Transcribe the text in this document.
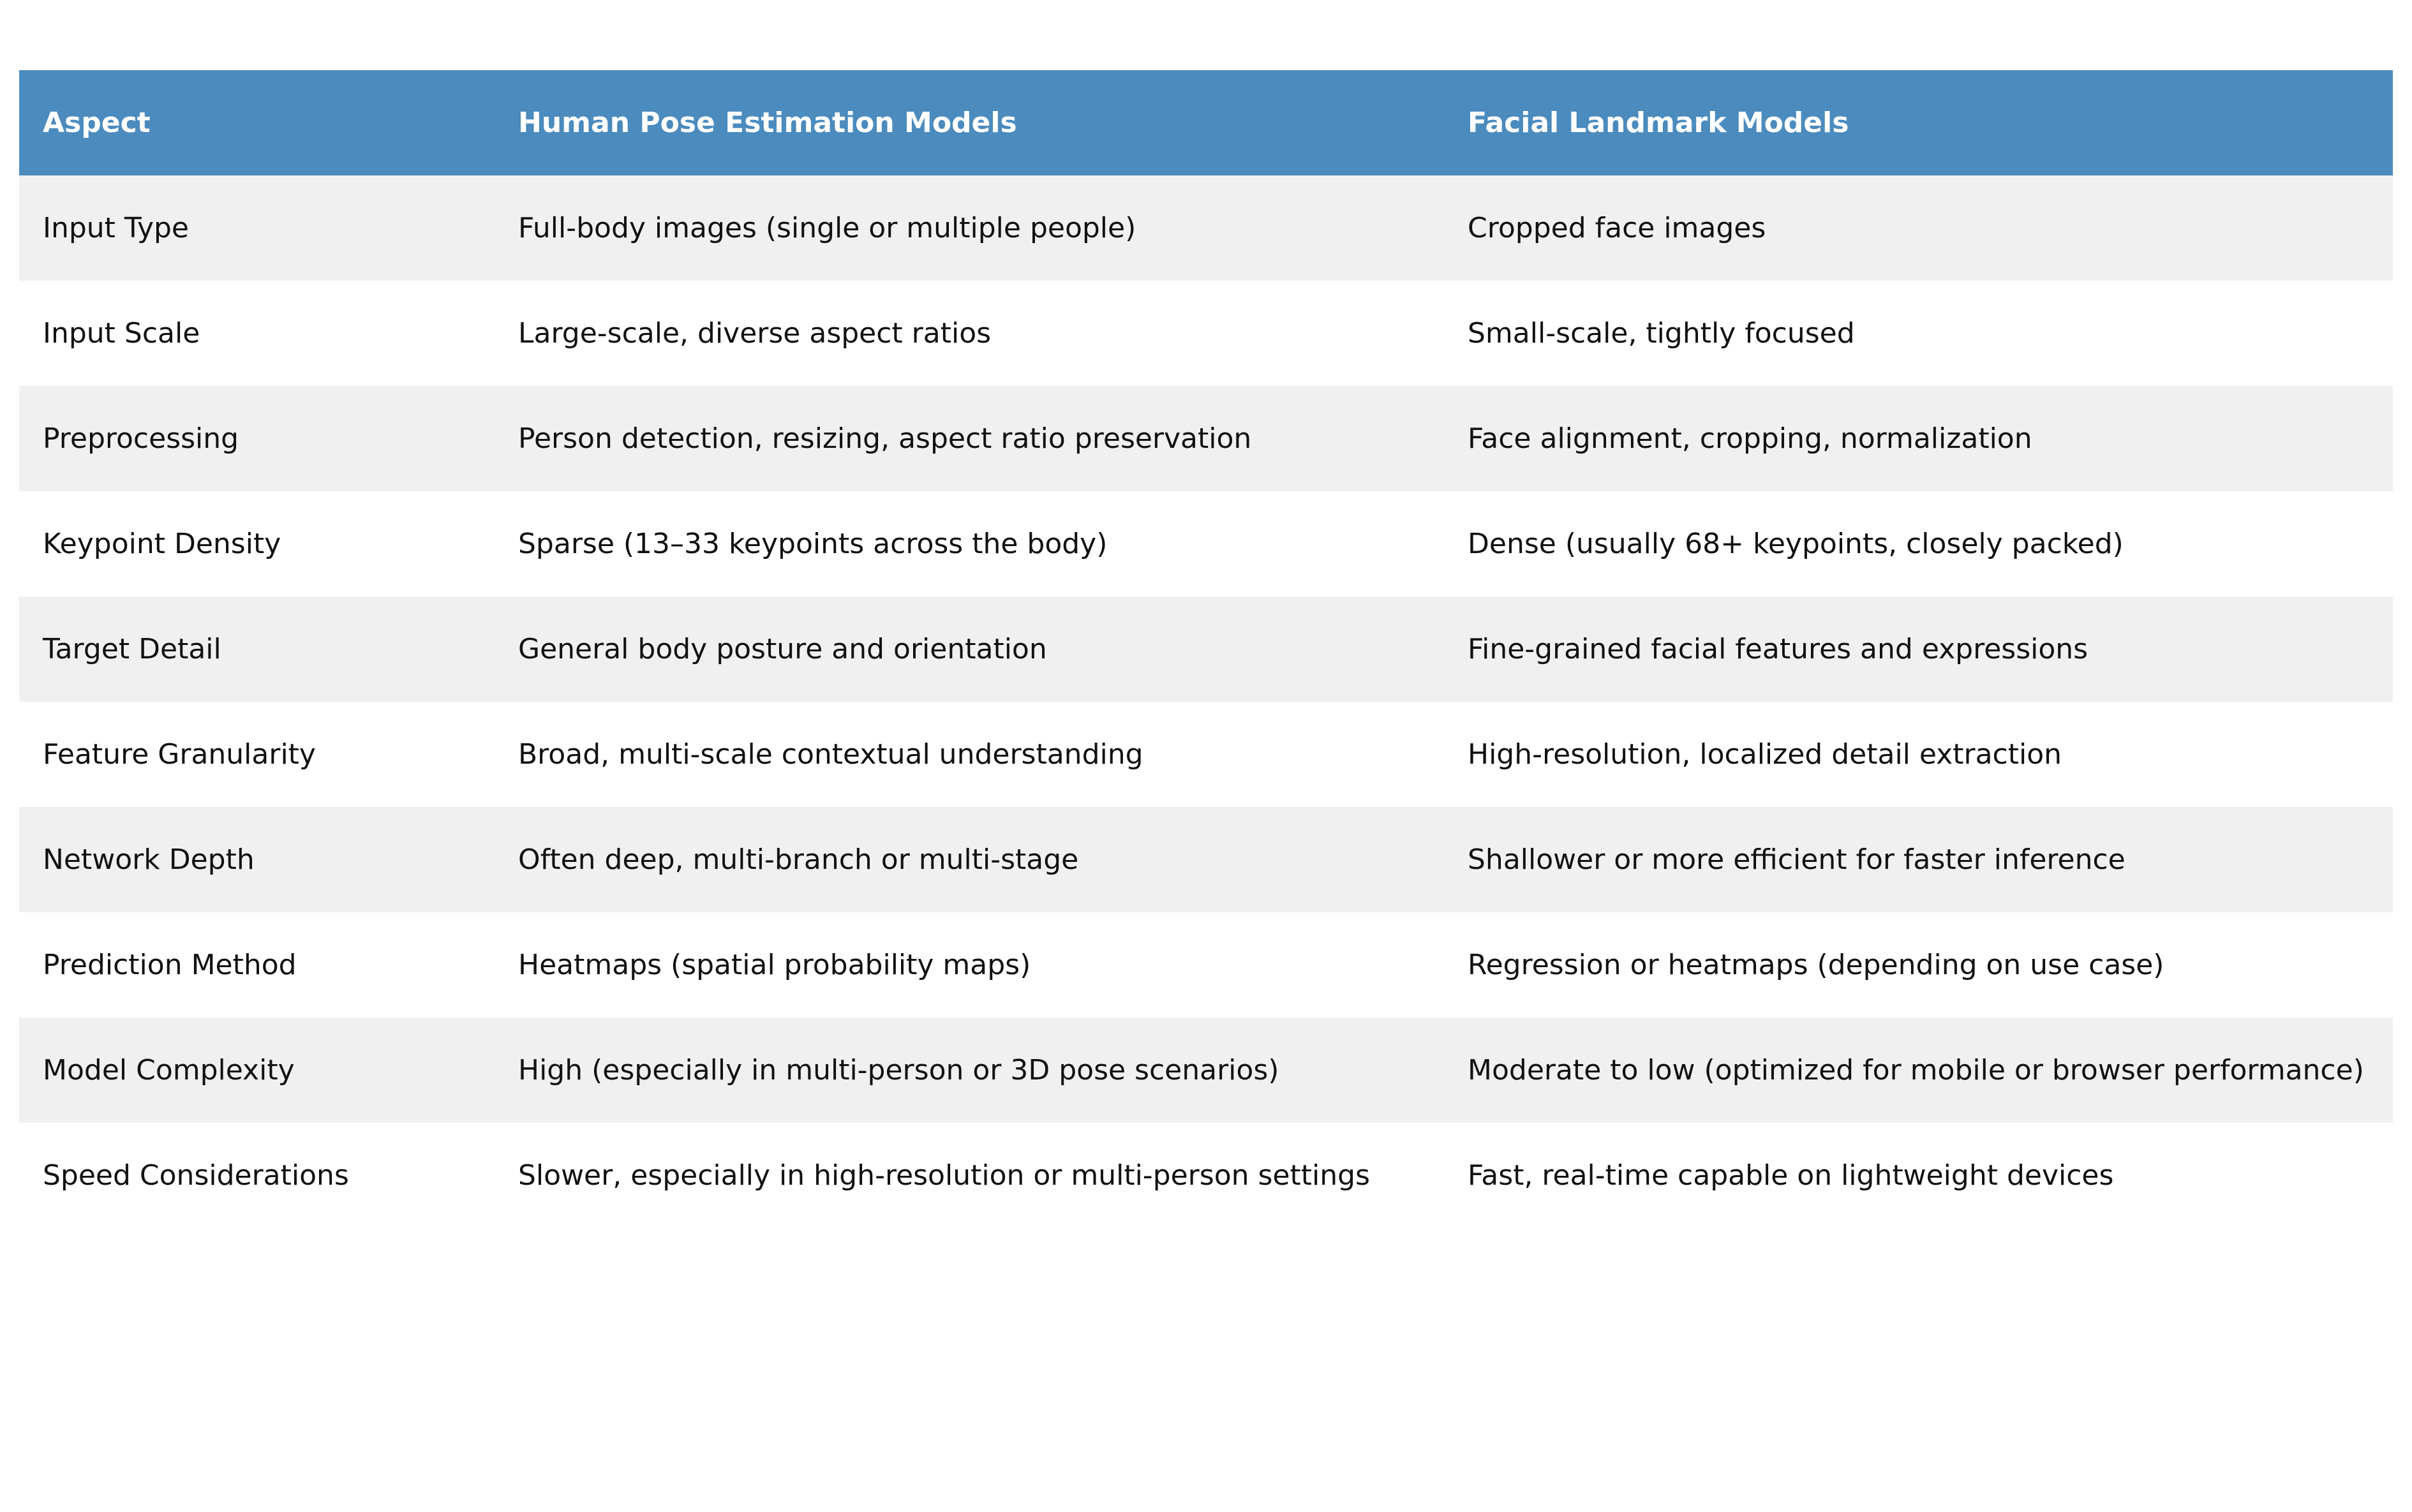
Aspect	Human Pose Estimation Models	Facial Landmark Models
Input Type	Full-body images (single or multiple people)	Cropped face images
Input Scale	Large-scale, diverse aspect ratios	Small-scale, tightly focused
Preprocessing	Person detection, resizing, aspect ratio preservation	Face alignment, cropping, normalization
Keypoint Density	Sparse (13–33 keypoints across the body)	Dense (usually 68+ keypoints, closely packed)
Target Detail	General body posture and orientation	Fine-grained facial features and expressions
Feature Granularity	Broad, multi-scale contextual understanding	High-resolution, localized detail extraction
Network Depth	Often deep, multi-branch or multi-stage	Shallower or more efficient for faster inference
Prediction Method	Heatmaps (spatial probability maps)	Regression or heatmaps (depending on use case)
Model Complexity	High (especially in multi-person or 3D pose scenarios)	Moderate to low (optimized for mobile or browser performance)
Speed Considerations	Slower, especially in high-resolution or multi-person settings	Fast, real-time capable on lightweight devices
